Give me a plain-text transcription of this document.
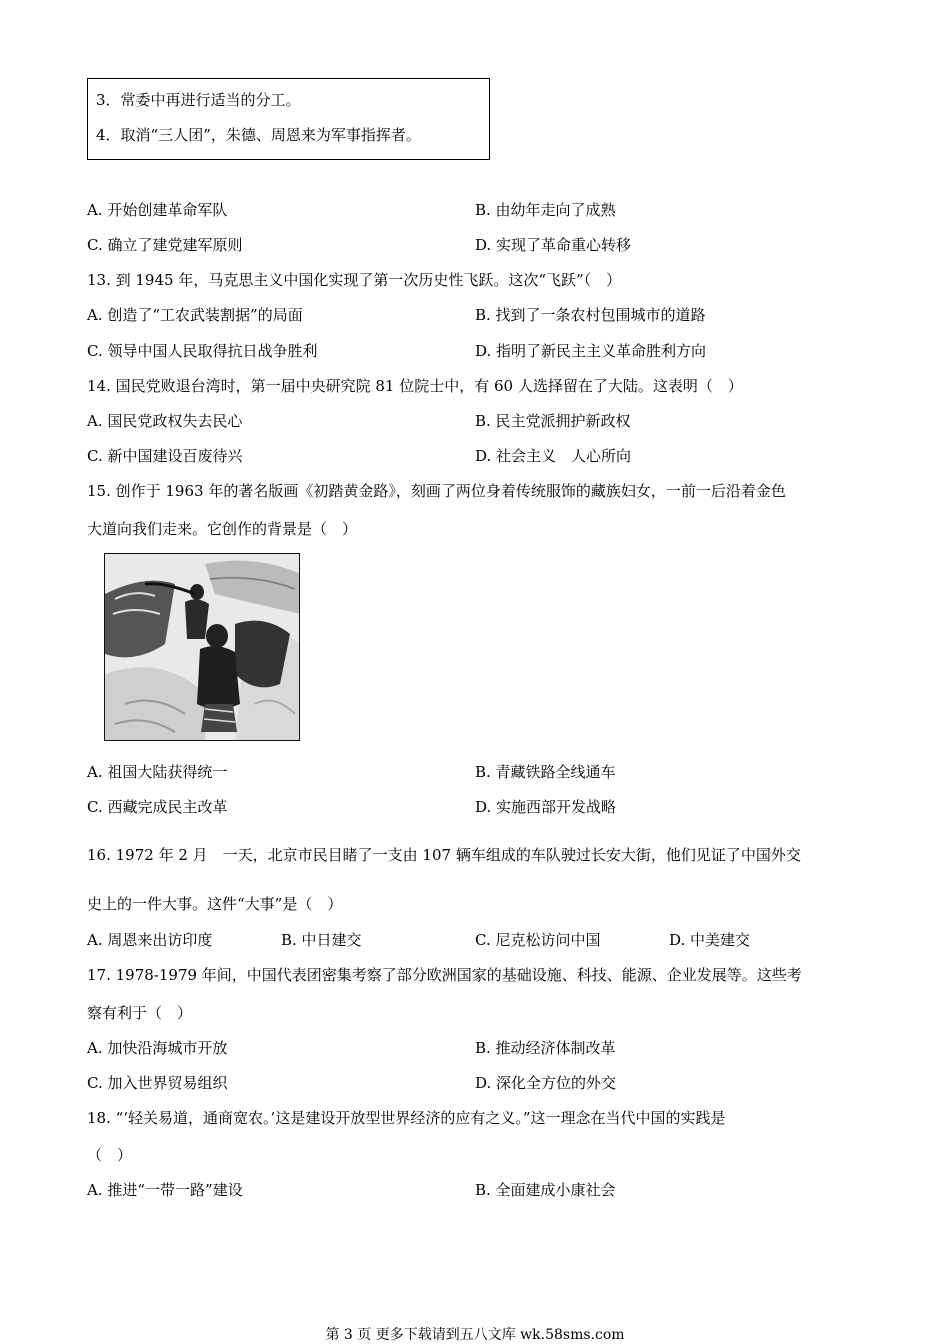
3．常委中再进行适当的分工。
4．取消“三人团”，朱德、周恩来为军事指挥者。
A. 开始创建革命军队	B. 由幼年走向了成熟
C. 确立了建党建军原则	D. 实现了革命重心转移
13. 到 1945 年，马克思主义中国化实现了第一次历史性飞跃。这次“飞跃”（　）
A. 创造了“工农武装割据”的局面	B. 找到了一条农村包围城市的道路
C. 领导中国人民取得抗日战争胜利	D. 指明了新民主主义革命胜利方向
14. 国民党败退台湾时，第一届中央研究院 81 位院士中，有 60 人选择留在了大陆。这表明（　）
A. 国民党政权失去民心	B. 民主党派拥护新政权
C. 新中国建设百废待兴	D. 社会主义　人心所向
15. 创作于 1963 年的著名版画《初踏黄金路》，刻画了两位身着传统服饰的藏族妇女，一前一后沿着金色
大道向我们走来。它创作的背景是（　）
A. 祖国大陆获得统一	B. 青藏铁路全线通车
C. 西藏完成民主改革	D. 实施西部开发战略
16. 1972 年 2 月　一天，北京市民目睹了一支由 107 辆车组成的车队驶过长安大街，他们见证了中国外交
史上的一件大事。这件“大事”是（　）
A. 周恩来出访印度	B. 中日建交	C. 尼克松访问中国	D. 中美建交
17. 1978-1979 年间，中国代表团密集考察了部分欧洲国家的基础设施、科技、能源、企业发展等。这些考
察有利于（　）
A. 加快沿海城市开放	B. 推动经济体制改革
C. 加入世界贸易组织	D. 深化全方位的外交
18. “‘轻关易道，通商宽农。’这是建设开放型世界经济的应有之义。”这一理念在当代中国的实践是
（　）
A. 推进“一带一路”建设	B. 全面建成小康社会
第 3 页 更多下载请到五八文库 wk.58sms.com
